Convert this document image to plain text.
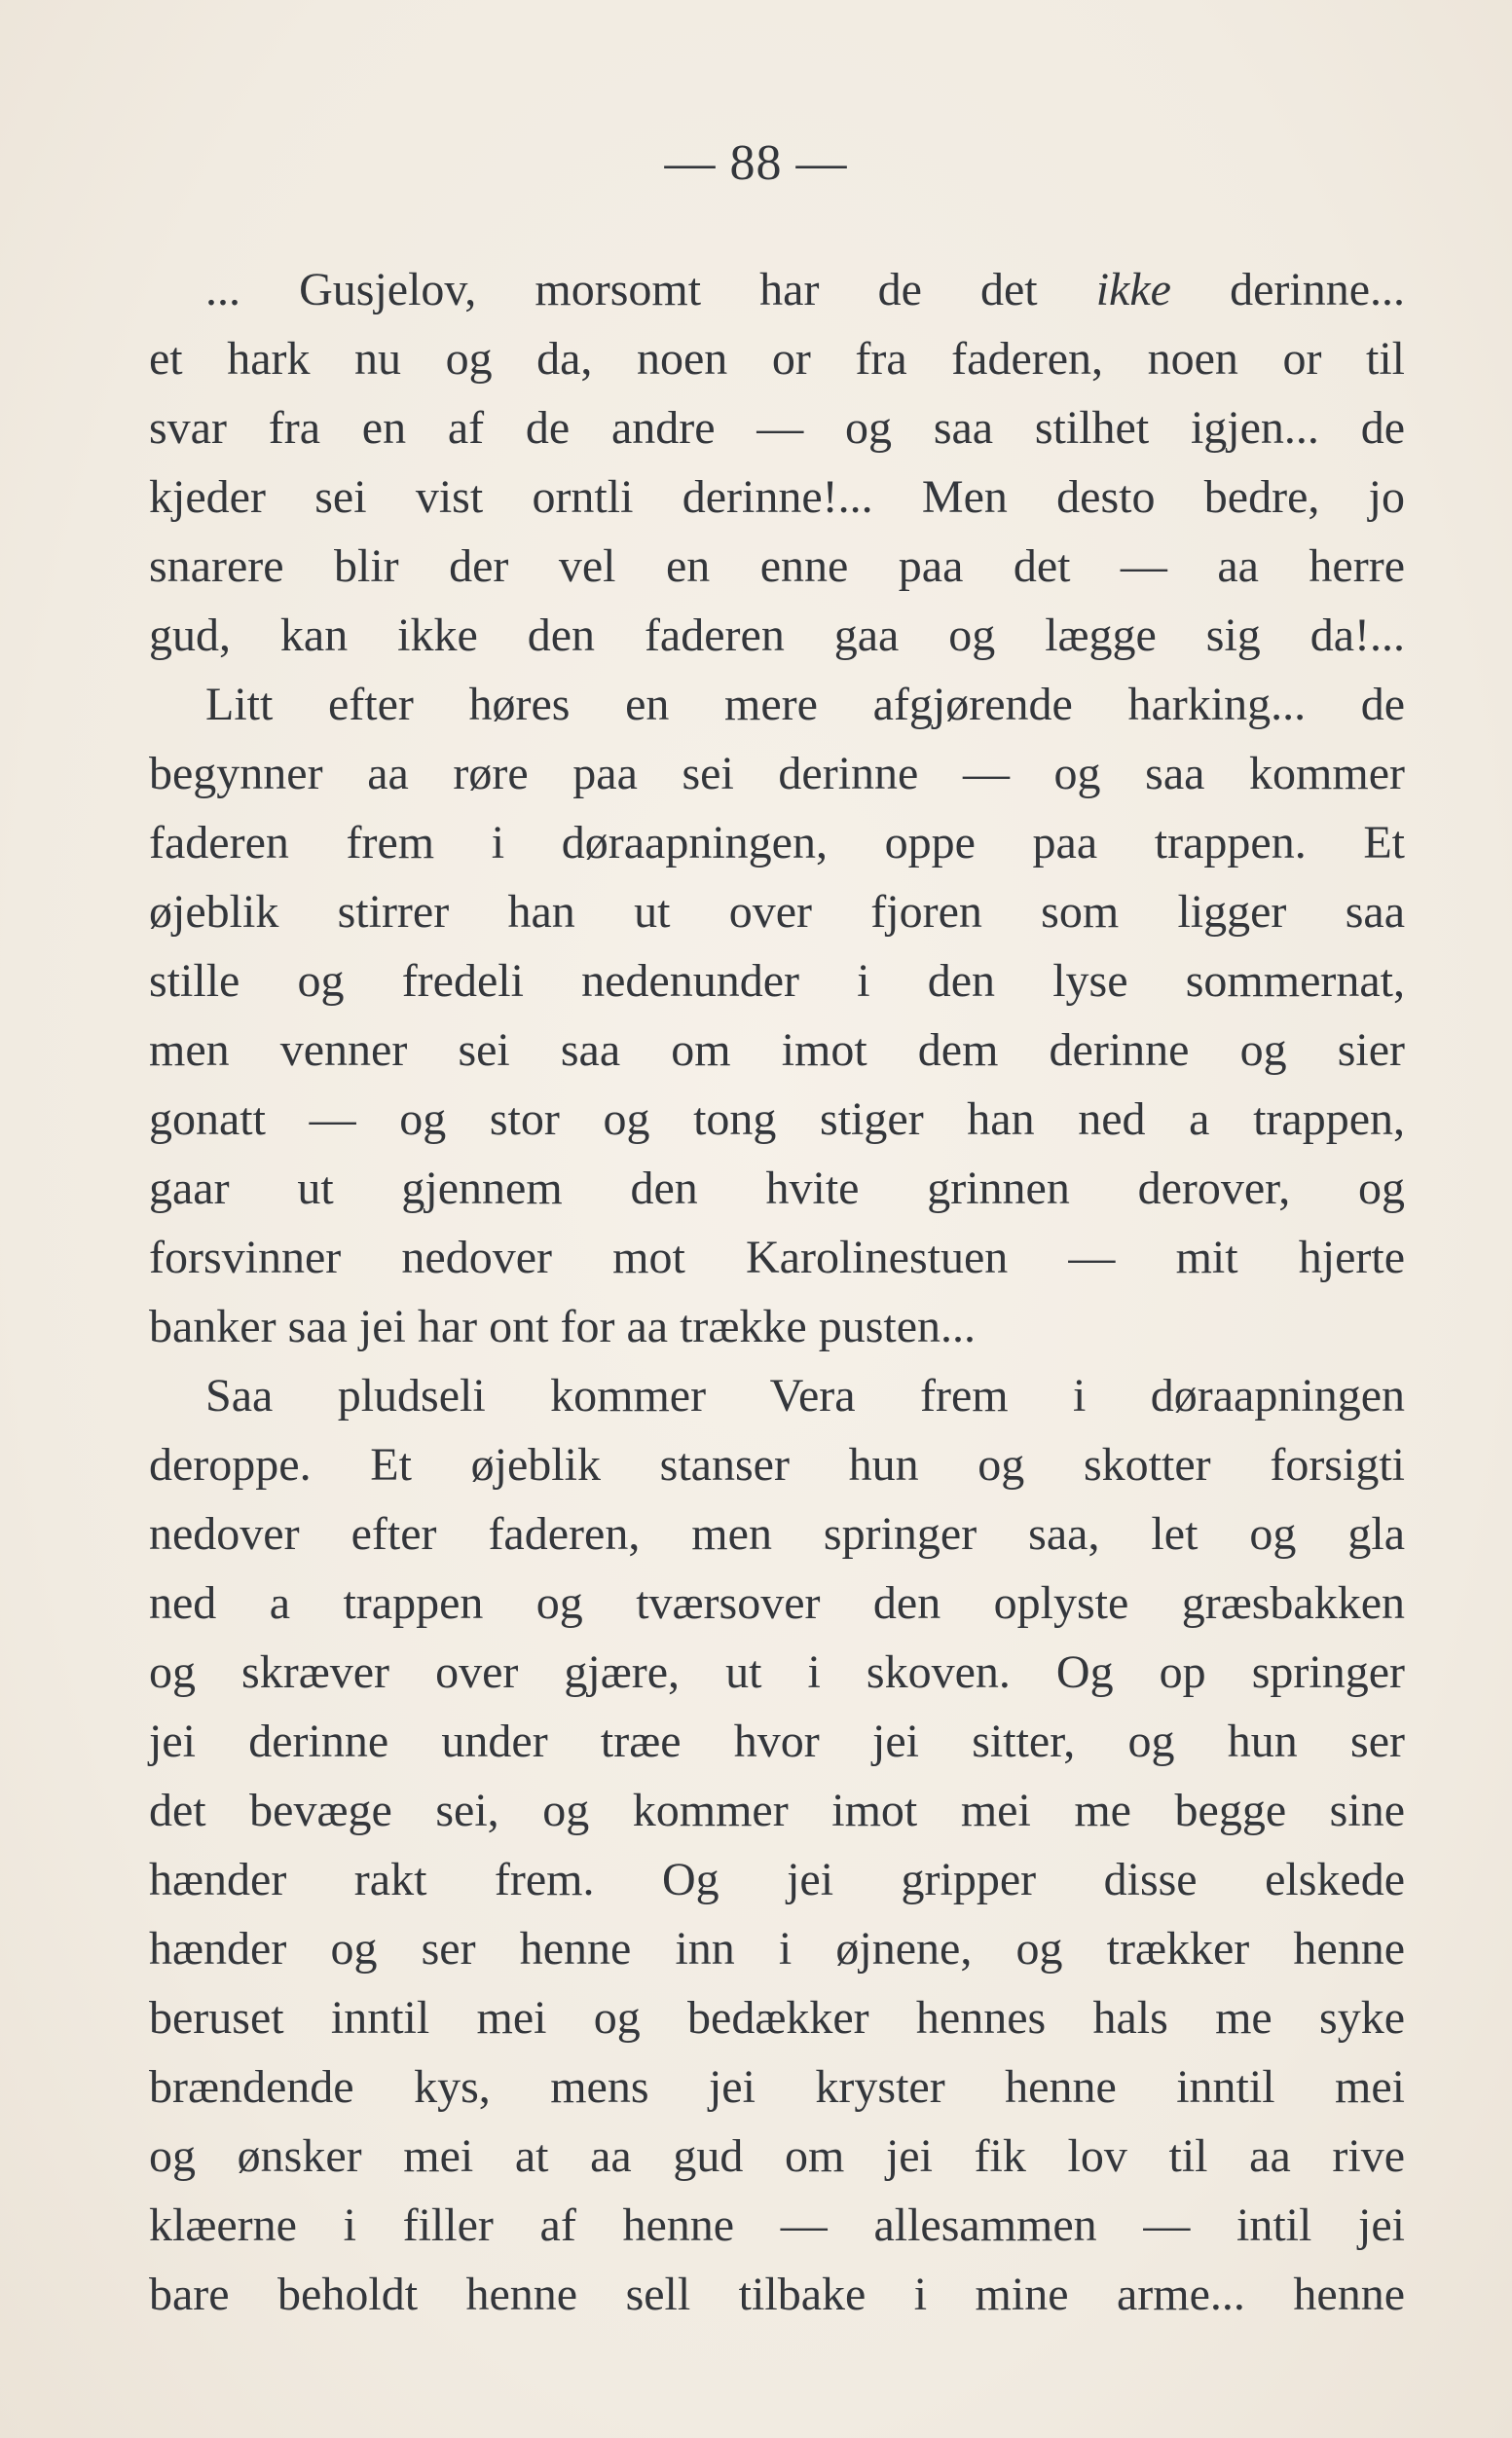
— 88 —
... Gusjelov, morsomt har de det ikke derinne...
et hark nu og da, noen or fra faderen, noen or til
svar fra en af de andre — og saa stilhet igjen... de
kjeder sei vist orntli derinne!... Men desto bedre, jo
snarere blir der vel en enne paa det — aa herre
gud, kan ikke den faderen gaa og lægge sig da!...
Litt efter høres en mere afgjørende harking... de
begynner aa røre paa sei derinne — og saa kommer
faderen frem i døraapningen, oppe paa trappen. Et
øjeblik stirrer han ut over fjoren som ligger saa
stille og fredeli nedenunder i den lyse sommernat,
men venner sei saa om imot dem derinne og sier
gonatt — og stor og tong stiger han ned a trappen,
gaar ut gjennem den hvite grinnen derover, og
forsvinner nedover mot Karolinestuen — mit hjerte
banker saa jei har ont for aa trække pusten...
Saa pludseli kommer Vera frem i døraapningen
deroppe. Et øjeblik stanser hun og skotter forsigti
nedover efter faderen, men springer saa, let og gla
ned a trappen og tværsover den oplyste græsbakken
og skræver over gjære, ut i skoven. Og op springer
jei derinne under træe hvor jei sitter, og hun ser
det bevæge sei, og kommer imot mei me begge sine
hænder rakt frem. Og jei gripper disse elskede
hænder og ser henne inn i øjnene, og trækker henne
beruset inntil mei og bedækker hennes hals me syke
brændende kys, mens jei kryster henne inntil mei
og ønsker mei at aa gud om jei fik lov til aa rive
klæerne i filler af henne — allesammen — intil jei
bare beholdt henne sell tilbake i mine arme... henne
